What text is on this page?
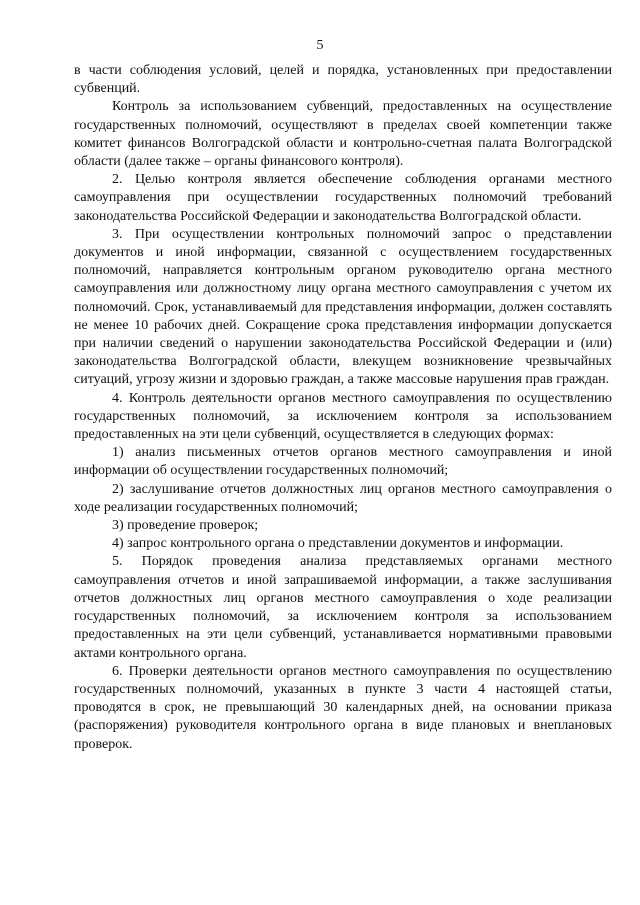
5

в части соблюдения условий, целей и порядка, установленных при предоставлении субвенций.

Контроль за использованием субвенций, предоставленных на осуществление государственных полномочий, осуществляют в пределах своей компетенции также комитет финансов Волгоградской области и контрольно-счетная палата Волгоградской области (далее также – органы финансового контроля).

2. Целью контроля является обеспечение соблюдения органами местного самоуправления при осуществлении государственных полномочий требований законодательства Российской Федерации и законодательства Волгоградской области.

3. При осуществлении контрольных полномочий запрос о представлении документов и иной информации, связанной с осуществлением государственных полномочий, направляется контрольным органом руководителю органа местного самоуправления или должностному лицу органа местного самоуправления с учетом их полномочий. Срок, устанавливаемый для представления информации, должен составлять не менее 10 рабочих дней. Сокращение срока представления информации допускается при наличии сведений о нарушении законодательства Российской Федерации и (или) законодательства Волгоградской области, влекущем возникновение чрезвычайных ситуаций, угрозу жизни и здоровью граждан, а также массовые нарушения прав граждан.

4. Контроль деятельности органов местного самоуправления по осуществлению государственных полномочий, за исключением контроля за использованием предоставленных на эти цели субвенций, осуществляется в следующих формах:

1) анализ письменных отчетов органов местного самоуправления и иной информации об осуществлении государственных полномочий;

2) заслушивание отчетов должностных лиц органов местного самоуправления о ходе реализации государственных полномочий;

3) проведение проверок;

4) запрос контрольного органа о представлении документов и информации.

5. Порядок проведения анализа представляемых органами местного самоуправления отчетов и иной запрашиваемой информации, а также заслушивания отчетов должностных лиц органов местного самоуправления о ходе реализации государственных полномочий, за исключением контроля за использованием предоставленных на эти цели субвенций, устанавливается нормативными правовыми актами контрольного органа.

6. Проверки деятельности органов местного самоуправления по осуществлению государственных полномочий, указанных в пункте 3 части 4 настоящей статьи, проводятся в срок, не превышающий 30 календарных дней, на основании приказа (распоряжения) руководителя контрольного органа в виде плановых и внеплановых проверок.
